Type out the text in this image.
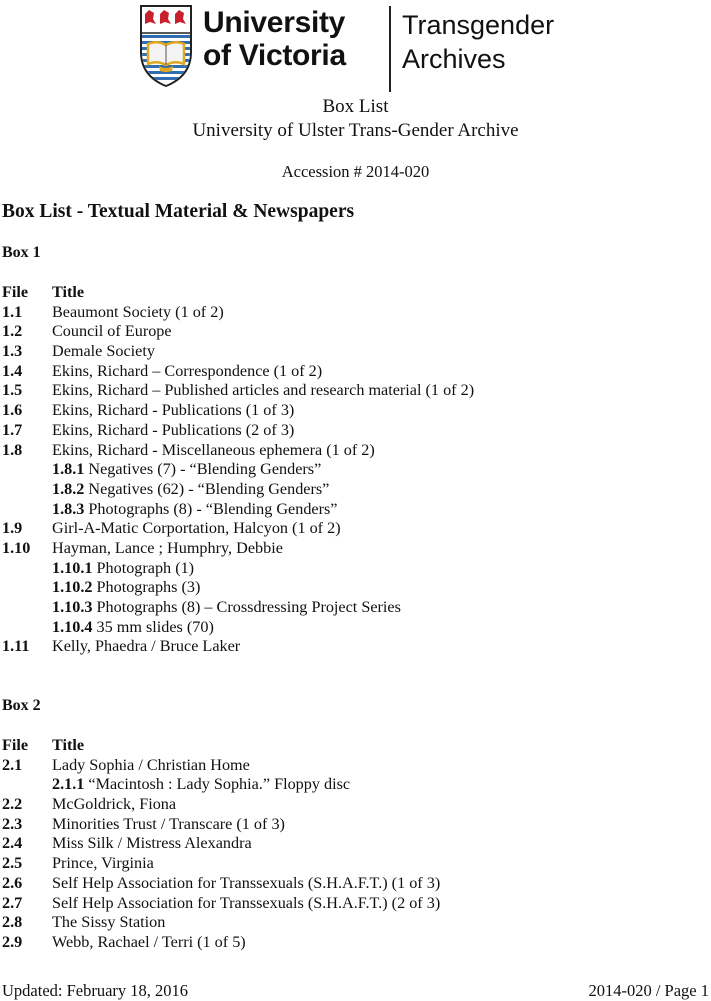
University
of Victoria
Transgender
Archives
Box List
University of Ulster Trans-Gender Archive
Accession # 2014-020
Box List - Textual Material & Newspapers
Box 1
File	Title
1.1	Beaumont Society (1 of 2)
1.2	Council of Europe
1.3	Demale Society
1.4	Ekins, Richard – Correspondence (1 of 2)
1.5	Ekins, Richard – Published articles and research material (1 of 2)
1.6	Ekins, Richard - Publications (1 of 3)
1.7	Ekins, Richard - Publications (2 of 3)
1.8	Ekins, Richard - Miscellaneous ephemera (1 of 2)
1.8.1 Negatives (7) - “Blending Genders”
1.8.2 Negatives (62) - “Blending Genders”
1.8.3 Photographs (8) - “Blending Genders”
1.9	Girl-A-Matic Corportation, Halcyon (1 of 2)
1.10	Hayman, Lance ; Humphry, Debbie
1.10.1 Photograph (1)
1.10.2 Photographs (3)
1.10.3 Photographs (8) – Crossdressing Project Series
1.10.4 35 mm slides (70)
1.11	Kelly, Phaedra / Bruce Laker
Box 2
File	Title
2.1	Lady Sophia / Christian Home
2.1.1 “Macintosh : Lady Sophia.” Floppy disc
2.2	McGoldrick, Fiona
2.3	Minorities Trust / Transcare (1 of 3)
2.4	Miss Silk / Mistress Alexandra
2.5	Prince, Virginia
2.6	Self Help Association for Transsexuals (S.H.A.F.T.) (1 of 3)
2.7	Self Help Association for Transsexuals (S.H.A.F.T.) (2 of 3)
2.8	The Sissy Station
2.9	Webb, Rachael / Terri (1 of 5)
Updated: February 18, 2016	2014-020 / Page 1
